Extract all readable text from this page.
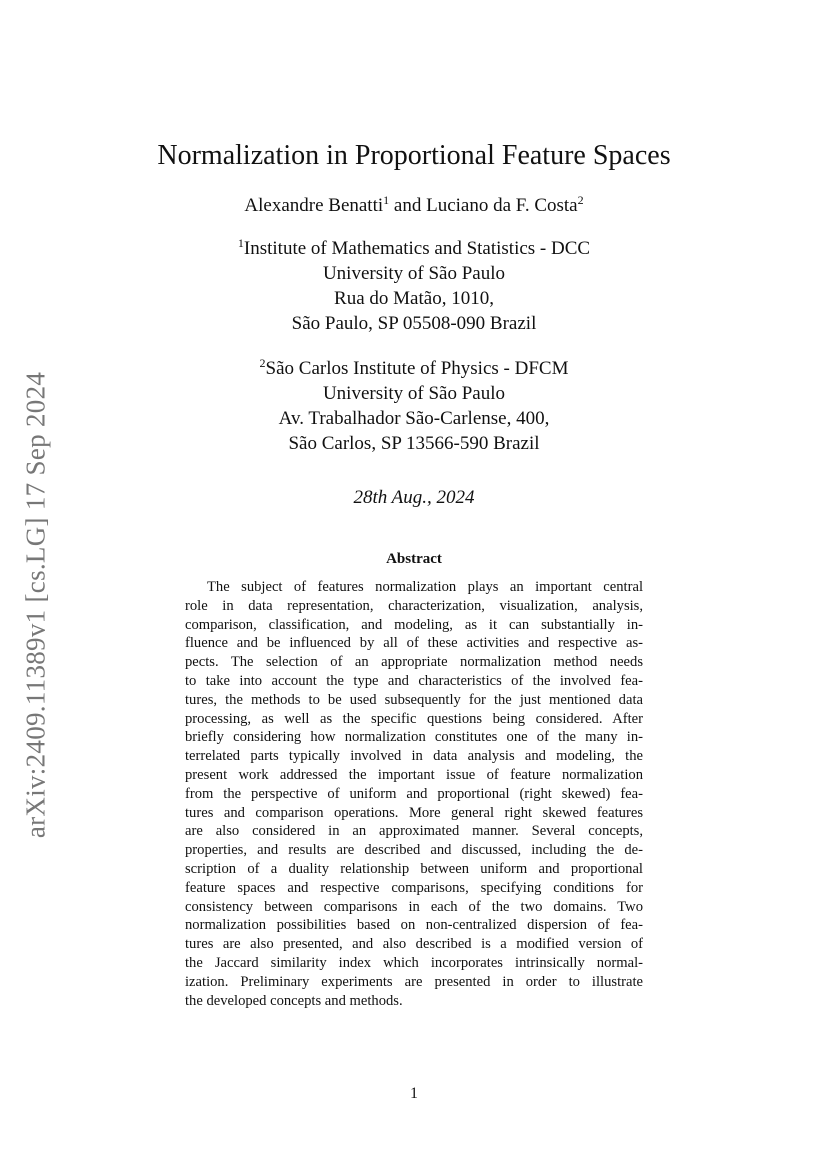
arXiv:2409.11389v1 [cs.LG] 17 Sep 2024
Normalization in Proportional Feature Spaces
Alexandre Benatti$^1$ and Luciano da F. Costa$^2$
$^1$Institute of Mathematics and Statistics - DCC
University of São Paulo
Rua do Matão, 1010,
São Paulo, SP 05508-090 Brazil
$^2$São Carlos Institute of Physics - DFCM
University of São Paulo
Av. Trabalhador São-Carlense, 400,
São Carlos, SP 13566-590 Brazil
28th Aug., 2024
Abstract
The subject of features normalization plays an important central
role in data representation, characterization, visualization, analysis,
comparison, classification, and modeling, as it can substantially in-
fluence and be influenced by all of these activities and respective as-
pects. The selection of an appropriate normalization method needs
to take into account the type and characteristics of the involved fea-
tures, the methods to be used subsequently for the just mentioned data
processing, as well as the specific questions being considered. After
briefly considering how normalization constitutes one of the many in-
terrelated parts typically involved in data analysis and modeling, the
present work addressed the important issue of feature normalization
from the perspective of uniform and proportional (right skewed) fea-
tures and comparison operations. More general right skewed features
are also considered in an approximated manner. Several concepts,
properties, and results are described and discussed, including the de-
scription of a duality relationship between uniform and proportional
feature spaces and respective comparisons, specifying conditions for
consistency between comparisons in each of the two domains. Two
normalization possibilities based on non-centralized dispersion of fea-
tures are also presented, and also described is a modified version of
the Jaccard similarity index which incorporates intrinsically normal-
ization. Preliminary experiments are presented in order to illustrate
the developed concepts and methods.
1
